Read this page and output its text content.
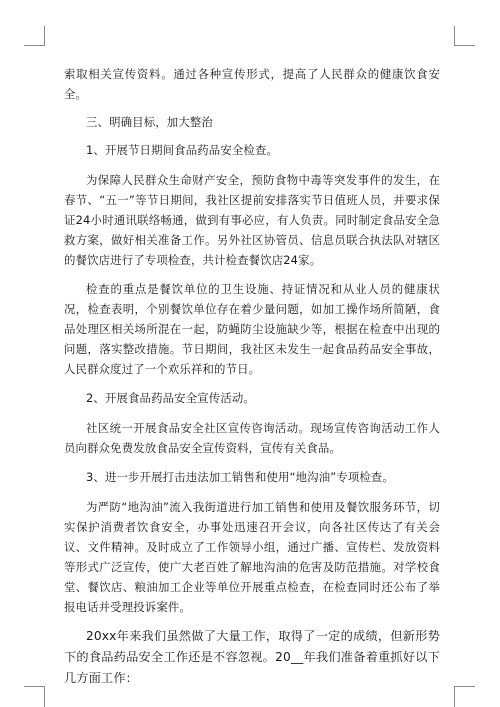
索取相关宣传资料。通过各种宣传形式，提高了人民群众的健康饮食安全。

三、明确目标，加大整治

1、开展节日期间食品药品安全检查。

为保障人民群众生命财产安全，预防食物中毒等突发事件的发生，在春节、“五一”等节日期间，我社区提前安排落实节日值班人员，并要求保证24小时通讯联络畅通，做到有事必应，有人负责。同时制定食品安全急救方案，做好相关准备工作。另外社区协管员、信息员联合执法队对辖区的餐饮店进行了专项检查，共计检查餐饮店24家。

检查的重点是餐饮单位的卫生设施、持证情况和从业人员的健康状况，检查表明，个别餐饮单位存在着少量问题，如加工操作场所简陋，食品处理区相关场所混在一起，防蝇防尘设施缺少等，根据在检查中出现的问题，落实整改措施。节日期间，我社区未发生一起食品药品安全事故，人民群众度过了一个欢乐祥和的节日。

2、开展食品药品安全宣传活动。

社区统一开展食品安全社区宣传咨询活动。现场宣传咨询活动工作人员向群众免费发放食品安全宣传资料，宣传有关食品。

3、进一步开展打击违法加工销售和使用“地沟油”专项检查。

为严防“地沟油”流入我街道进行加工销售和使用及餐饮服务环节，切实保护消费者饮食安全，办事处迅速召开会议，向各社区传达了有关会议、文件精神。及时成立了工作领导小组，通过广播、宣传栏、发放资料等形式广泛宣传，使广大老百姓了解地沟油的危害及防范措施。对学校食堂、餐饮店、粮油加工企业等单位开展重点检查，在检查同时还公布了举报电话并受理投诉案件。

20xx年来我们虽然做了大量工作，取得了一定的成绩，但新形势下的食品药品安全工作还是不容忽视。20__年我们准备着重抓好以下几方面工作：
